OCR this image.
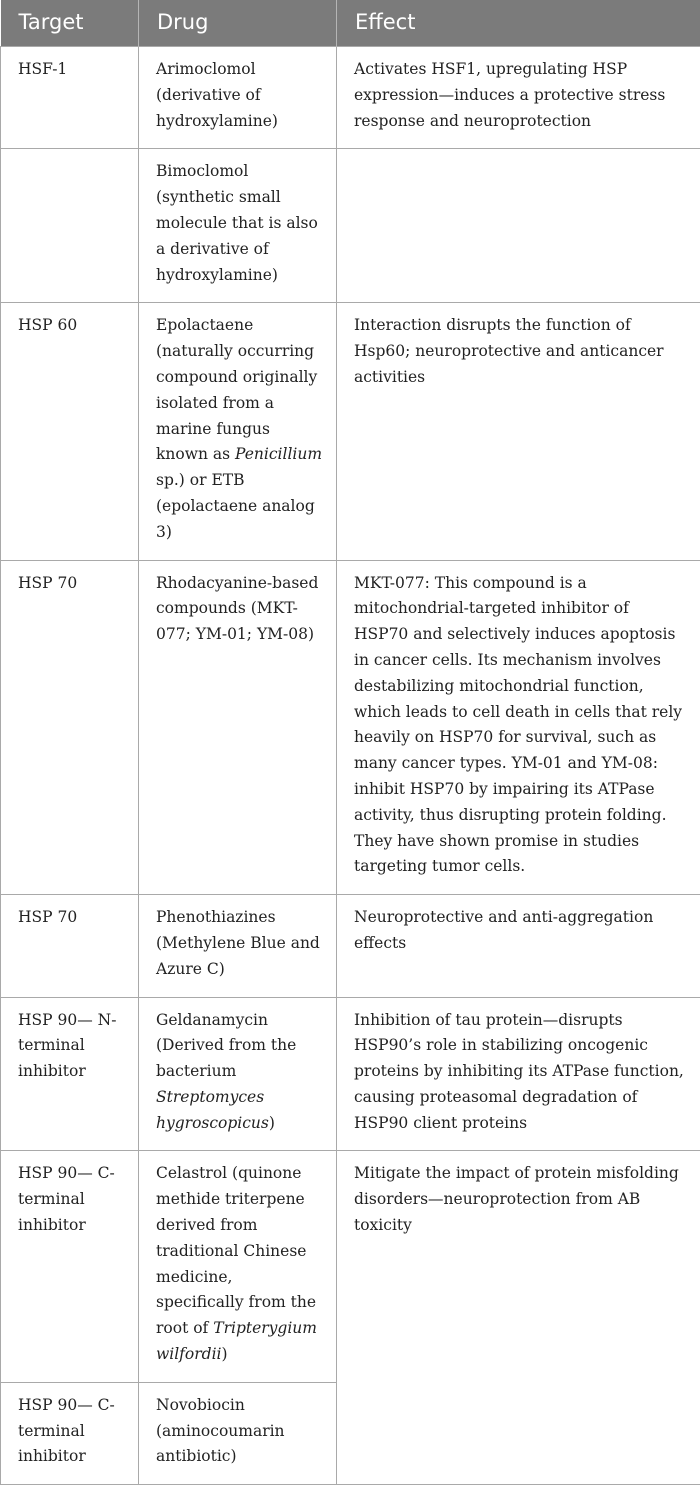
Target	Drug	Effect
HSF-1	Arimoclomol (derivative of hydroxylamine)	Activates HSF1, upregulating HSP expression—induces a protective stress response and neuroprotection
	Bimoclomol (synthetic small molecule that is also a derivative of hydroxylamine)	
HSP 60	Epolactaene (naturally occurring compound originally isolated from a marine fungus known as Penicillium sp.) or ETB (epolactaene analog 3)	Interaction disrupts the function of Hsp60; neuroprotective and anticancer activities
HSP 70	Rhodacyanine-based compounds (MKT-077; YM-01; YM-08)	MKT-077: This compound is a mitochondrial-targeted inhibitor of HSP70 and selectively induces apoptosis in cancer cells. Its mechanism involves destabilizing mitochondrial function, which leads to cell death in cells that rely heavily on HSP70 for survival, such as many cancer types. YM-01 and YM-08: inhibit HSP70 by impairing its ATPase activity, thus disrupting protein folding. They have shown promise in studies targeting tumor cells.
HSP 70	Phenothiazines (Methylene Blue and Azure C)	Neuroprotective and anti-aggregation effects
HSP 90— N-terminal inhibitor	Geldanamycin (Derived from the bacterium Streptomyces hygroscopicus)	Inhibition of tau protein—disrupts HSP90’s role in stabilizing oncogenic proteins by inhibiting its ATPase function, causing proteasomal degradation of HSP90 client proteins
HSP 90— C-terminal inhibitor	Celastrol (quinone methide triterpene derived from traditional Chinese medicine, specifically from the root of Tripterygium wilfordii)	Mitigate the impact of protein misfolding disorders—neuroprotection from AB toxicity
HSP 90— C-terminal inhibitor	Novobiocin (aminocoumarin antibiotic)	
